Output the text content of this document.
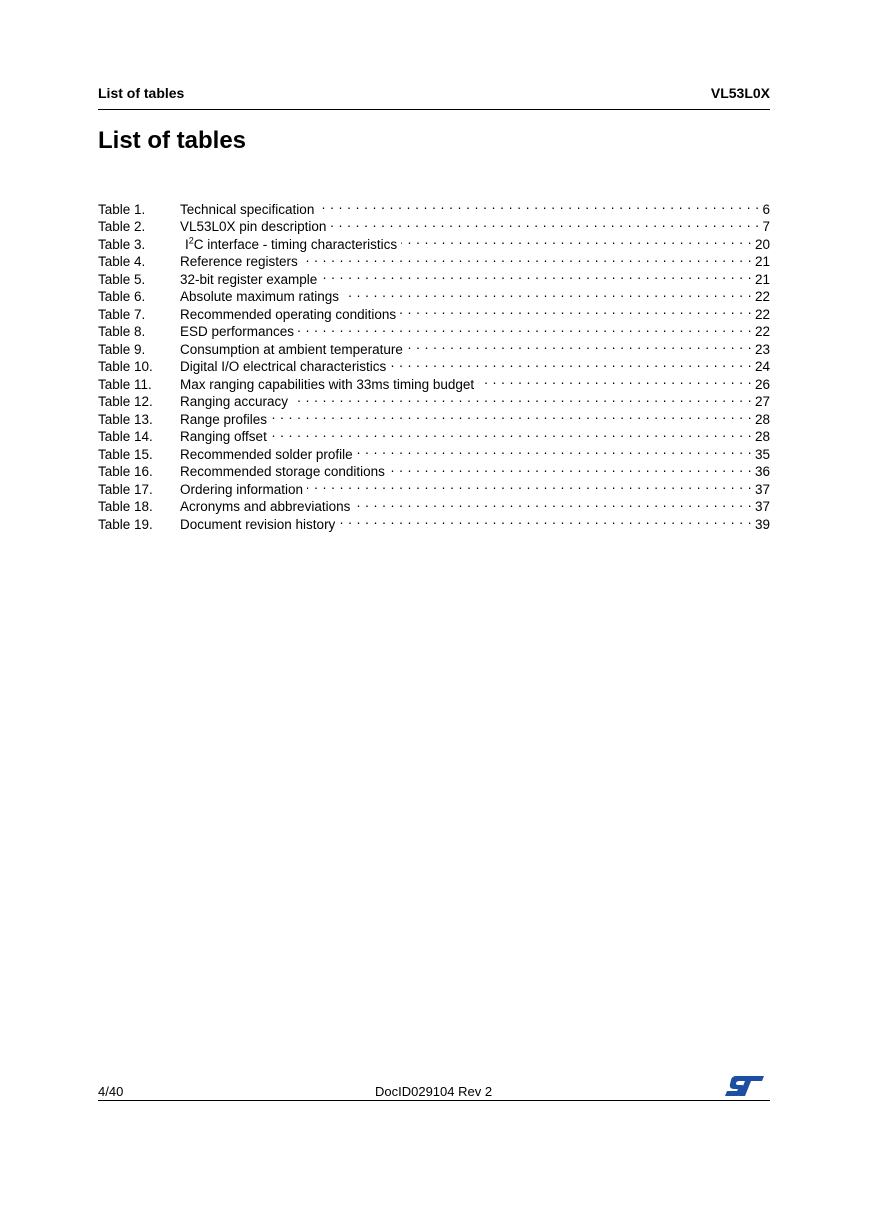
List of tables	VL53L0X
List of tables
Table 1.	Technical specification . . .	6
Table 2.	VL53L0X pin description . . .	7
Table 3.	$I^2C$ interface - timing characteristics . . .	20
Table 4.	Reference registers . . .	21
Table 5.	32-bit register example . . .	21
Table 6.	Absolute maximum ratings . . .	22
Table 7.	Recommended operating conditions . . .	22
Table 8.	ESD performances . . .	22
Table 9.	Consumption at ambient temperature . . .	23
Table 10.	Digital I/O electrical characteristics . . .	24
Table 11.	Max ranging capabilities with 33ms timing budget . . .	26
Table 12.	Ranging accuracy . . .	27
Table 13.	Range profiles . . .	28
Table 14.	Ranging offset . . .	28
Table 15.	Recommended solder profile . . .	35
Table 16.	Recommended storage conditions . . .	36
Table 17.	Ordering information . . .	37
Table 18.	Acronyms and abbreviations . . .	37
Table 19.	Document revision history . . .	39
4/40	DocID029104 Rev 2
